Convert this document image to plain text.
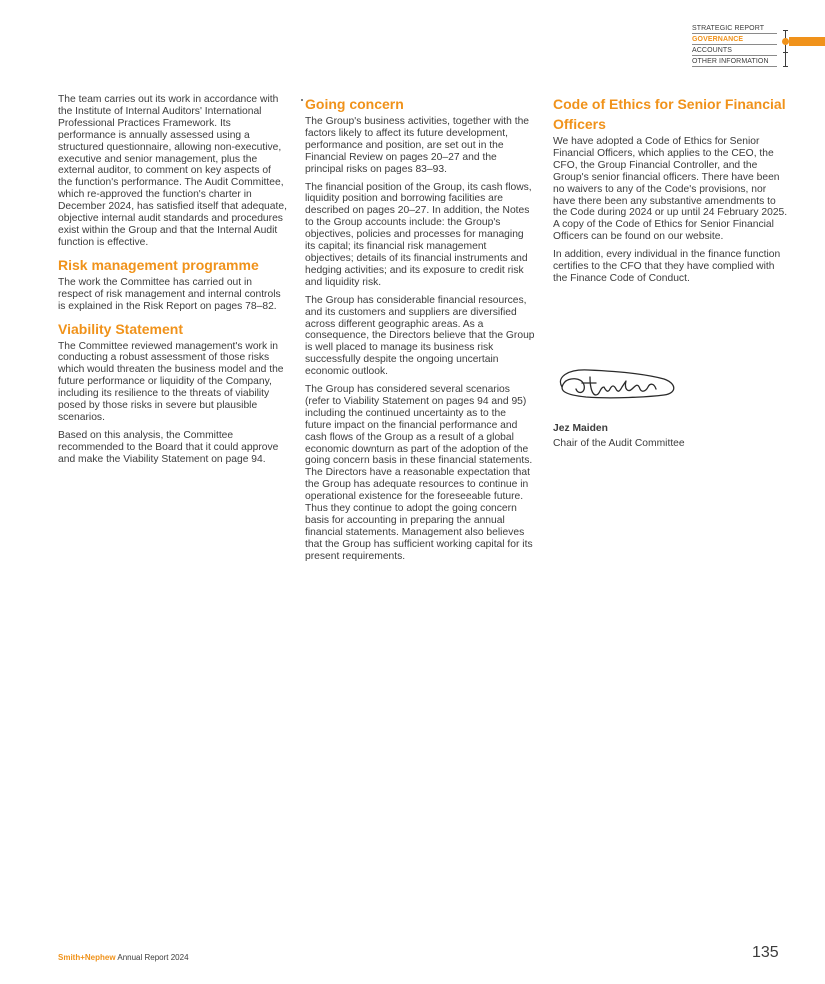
STRATEGIC REPORT
GOVERNANCE
ACCOUNTS
OTHER INFORMATION

The team carries out its work in accordance with the Institute of Internal Auditors' International Professional Practices Framework. Its performance is annually assessed using a structured questionnaire, allowing non-executive, executive and senior management, plus the external auditor, to comment on key aspects of the function's performance. The Audit Committee, which re-approved the function's charter in December 2024, has satisfied itself that adequate, objective internal audit standards and procedures exist within the Group and that the Internal Audit function is effective.

Risk management programme

The work the Committee has carried out in respect of risk management and internal controls is explained in the Risk Report on pages 78–82.

Viability Statement

The Committee reviewed management's work in conducting a robust assessment of those risks which would threaten the business model and the future performance or liquidity of the Company, including its resilience to the threats of viability posed by those risks in severe but plausible scenarios.

Based on this analysis, the Committee recommended to the Board that it could approve and make the Viability Statement on page 94.

Going concern

The Group's business activities, together with the factors likely to affect its future development, performance and position, are set out in the Financial Review on pages 20–27 and the principal risks on pages 83–93.

The financial position of the Group, its cash flows, liquidity position and borrowing facilities are described on pages 20–27. In addition, the Notes to the Group accounts include: the Group's objectives, policies and processes for managing its capital; its financial risk management objectives; details of its financial instruments and hedging activities; and its exposure to credit risk and liquidity risk.

The Group has considerable financial resources, and its customers and suppliers are diversified across different geographic areas. As a consequence, the Directors believe that the Group is well placed to manage its business risk successfully despite the ongoing uncertain economic outlook.

The Group has considered several scenarios (refer to Viability Statement on pages 94 and 95) including the continued uncertainty as to the future impact on the financial performance and cash flows of the Group as a result of a global economic downturn as part of the adoption of the going concern basis in these financial statements. The Directors have a reasonable expectation that the Group has adequate resources to continue in operational existence for the foreseeable future. Thus they continue to adopt the going concern basis for accounting in preparing the annual financial statements. Management also believes that the Group has sufficient working capital for its present requirements.

Code of Ethics for Senior Financial Officers

We have adopted a Code of Ethics for Senior Financial Officers, which applies to the CEO, the CFO, the Group Financial Controller, and the Group's senior financial officers. There have been no waivers to any of the Code's provisions, nor have there been any substantive amendments to the Code during 2024 or up until 24 February 2025. A copy of the Code of Ethics for Senior Financial Officers can be found on our website.

In addition, every individual in the finance function certifies to the CFO that they have complied with the Finance Code of Conduct.

Jez Maiden
Chair of the Audit Committee
Smith+Nephew Annual Report 2024	135
